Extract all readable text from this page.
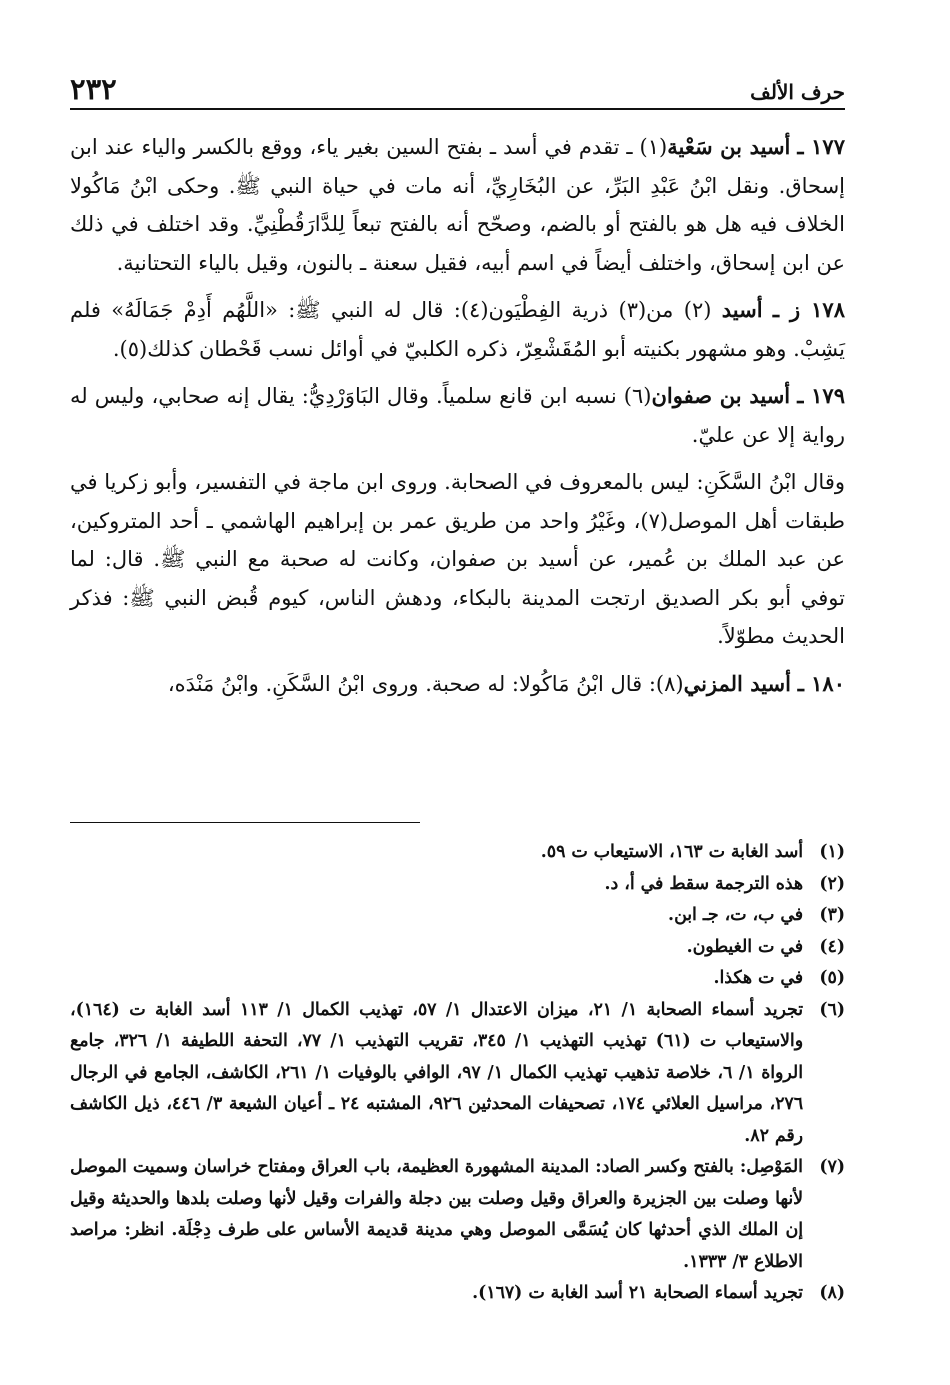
حرف الألف
٢٣٢

١٧٧ ـ أسيد بن سَعْية(١) ـ تقدم في أسد ـ بفتح السين بغير ياء، ووقع بالكسر والياء عند ابن إسحاق. ونقل ابْنُ عَبْدِ البَرِّ، عن البُخَارِيِّ، أنه مات في حياة النبي ﷺ. وحكى ابْنُ مَاكُولا الخلاف فيه هل هو بالفتح أو بالضم، وصحّح أنه بالفتح تبعاً لِلدَّارَقُطْنِيِّ. وقد اختلف في ذلك عن ابن إسحاق، واختلف أيضاً في اسم أبيه، فقيل سعنة ـ بالنون، وقيل بالياء التحتانية.

١٧٨ ز ـ أسيد (٢) من(٣) ذرية الفِطْيَون(٤): قال له النبي ﷺ: «اللَّهُم أَدِمْ جَمَالَهُ» فلم يَشِبْ. وهو مشهور بكنيته أبو المُقَشْعِرّ، ذكره الكلبيّ في أوائل نسب قَحْطان كذلك(٥).

١٧٩ ـ أسيد بن صفوان(٦) نسبه ابن قانع سلمياً. وقال البَاوَرْدِيُّ: يقال إنه صحابي، وليس له رواية إلا عن عليّ.

وقال ابْنُ السَّكَنِ: ليس بالمعروف في الصحابة. وروى ابن ماجة في التفسير، وأبو زكريا في طبقات أهل الموصل(٧)، وغَيْرُ واحد من طريق عمر بن إبراهيم الهاشمي ـ أحد المتروكين، عن عبد الملك بن عُمير، عن أسيد بن صفوان، وكانت له صحبة مع النبي ﷺ. قال: لما توفي أبو بكر الصديق ارتجت المدينة بالبكاء، ودهش الناس، كيوم قُبض النبي ﷺ: فذكر الحديث مطوّلاً.

١٨٠ ـ أسيد المزني(٨): قال ابْنُ مَاكُولا: له صحبة. وروى ابْنُ السَّكَنِ. وابْنُ مَنْدَه،

(١)
أسد الغابة ت ١٦٣، الاستيعاب ت ٥٩.
(٢)
هذه الترجمة سقط في أ، د.
(٣)
في ب، ت، جـ ابن.
(٤)
في ت الغيطون.
(٥)
في ت هكذا.
(٦)
تجريد أسماء الصحابة ١/ ٢١، ميزان الاعتدال ١/ ٥٧، تهذيب الكمال ١/ ١١٣ أسد الغابة ت (١٦٤)، والاستيعاب ت (٦١) تهذيب التهذيب ١/ ٣٤٥، تقريب التهذيب ١/ ٧٧، التحفة اللطيفة ١/ ٣٢٦، جامع الرواة ١/ ٦، خلاصة تذهيب تهذيب الكمال ١/ ٩٧، الوافي بالوفيات ١/ ٢٦١، الكاشف، الجامع في الرجال ٢٧٦، مراسيل العلائي ١٧٤، تصحيفات المحدثين ٩٢٦، المشتبه ٢٤ ـ أعيان الشيعة ٣/ ٤٤٦، ذيل الكاشف رقم ٨٢.
(٧)
المَوْصِل: بالفتح وكسر الصاد: المدينة المشهورة العظيمة، باب العراق ومفتاح خراسان وسميت الموصل لأنها وصلت بين الجزيرة والعراق وقيل وصلت بين دجلة والفرات وقيل لأنها وصلت بلدها والحديثة وقيل إن الملك الذي أحدثها كان يُسَمَّى الموصل وهي مدينة قديمة الأساس على طرف دِجْلَة. انظر: مراصد الاطلاع ٣/ ١٣٣٣.
(٨)
تجريد أسماء الصحابة ٢١ أسد الغابة ت (١٦٧).
